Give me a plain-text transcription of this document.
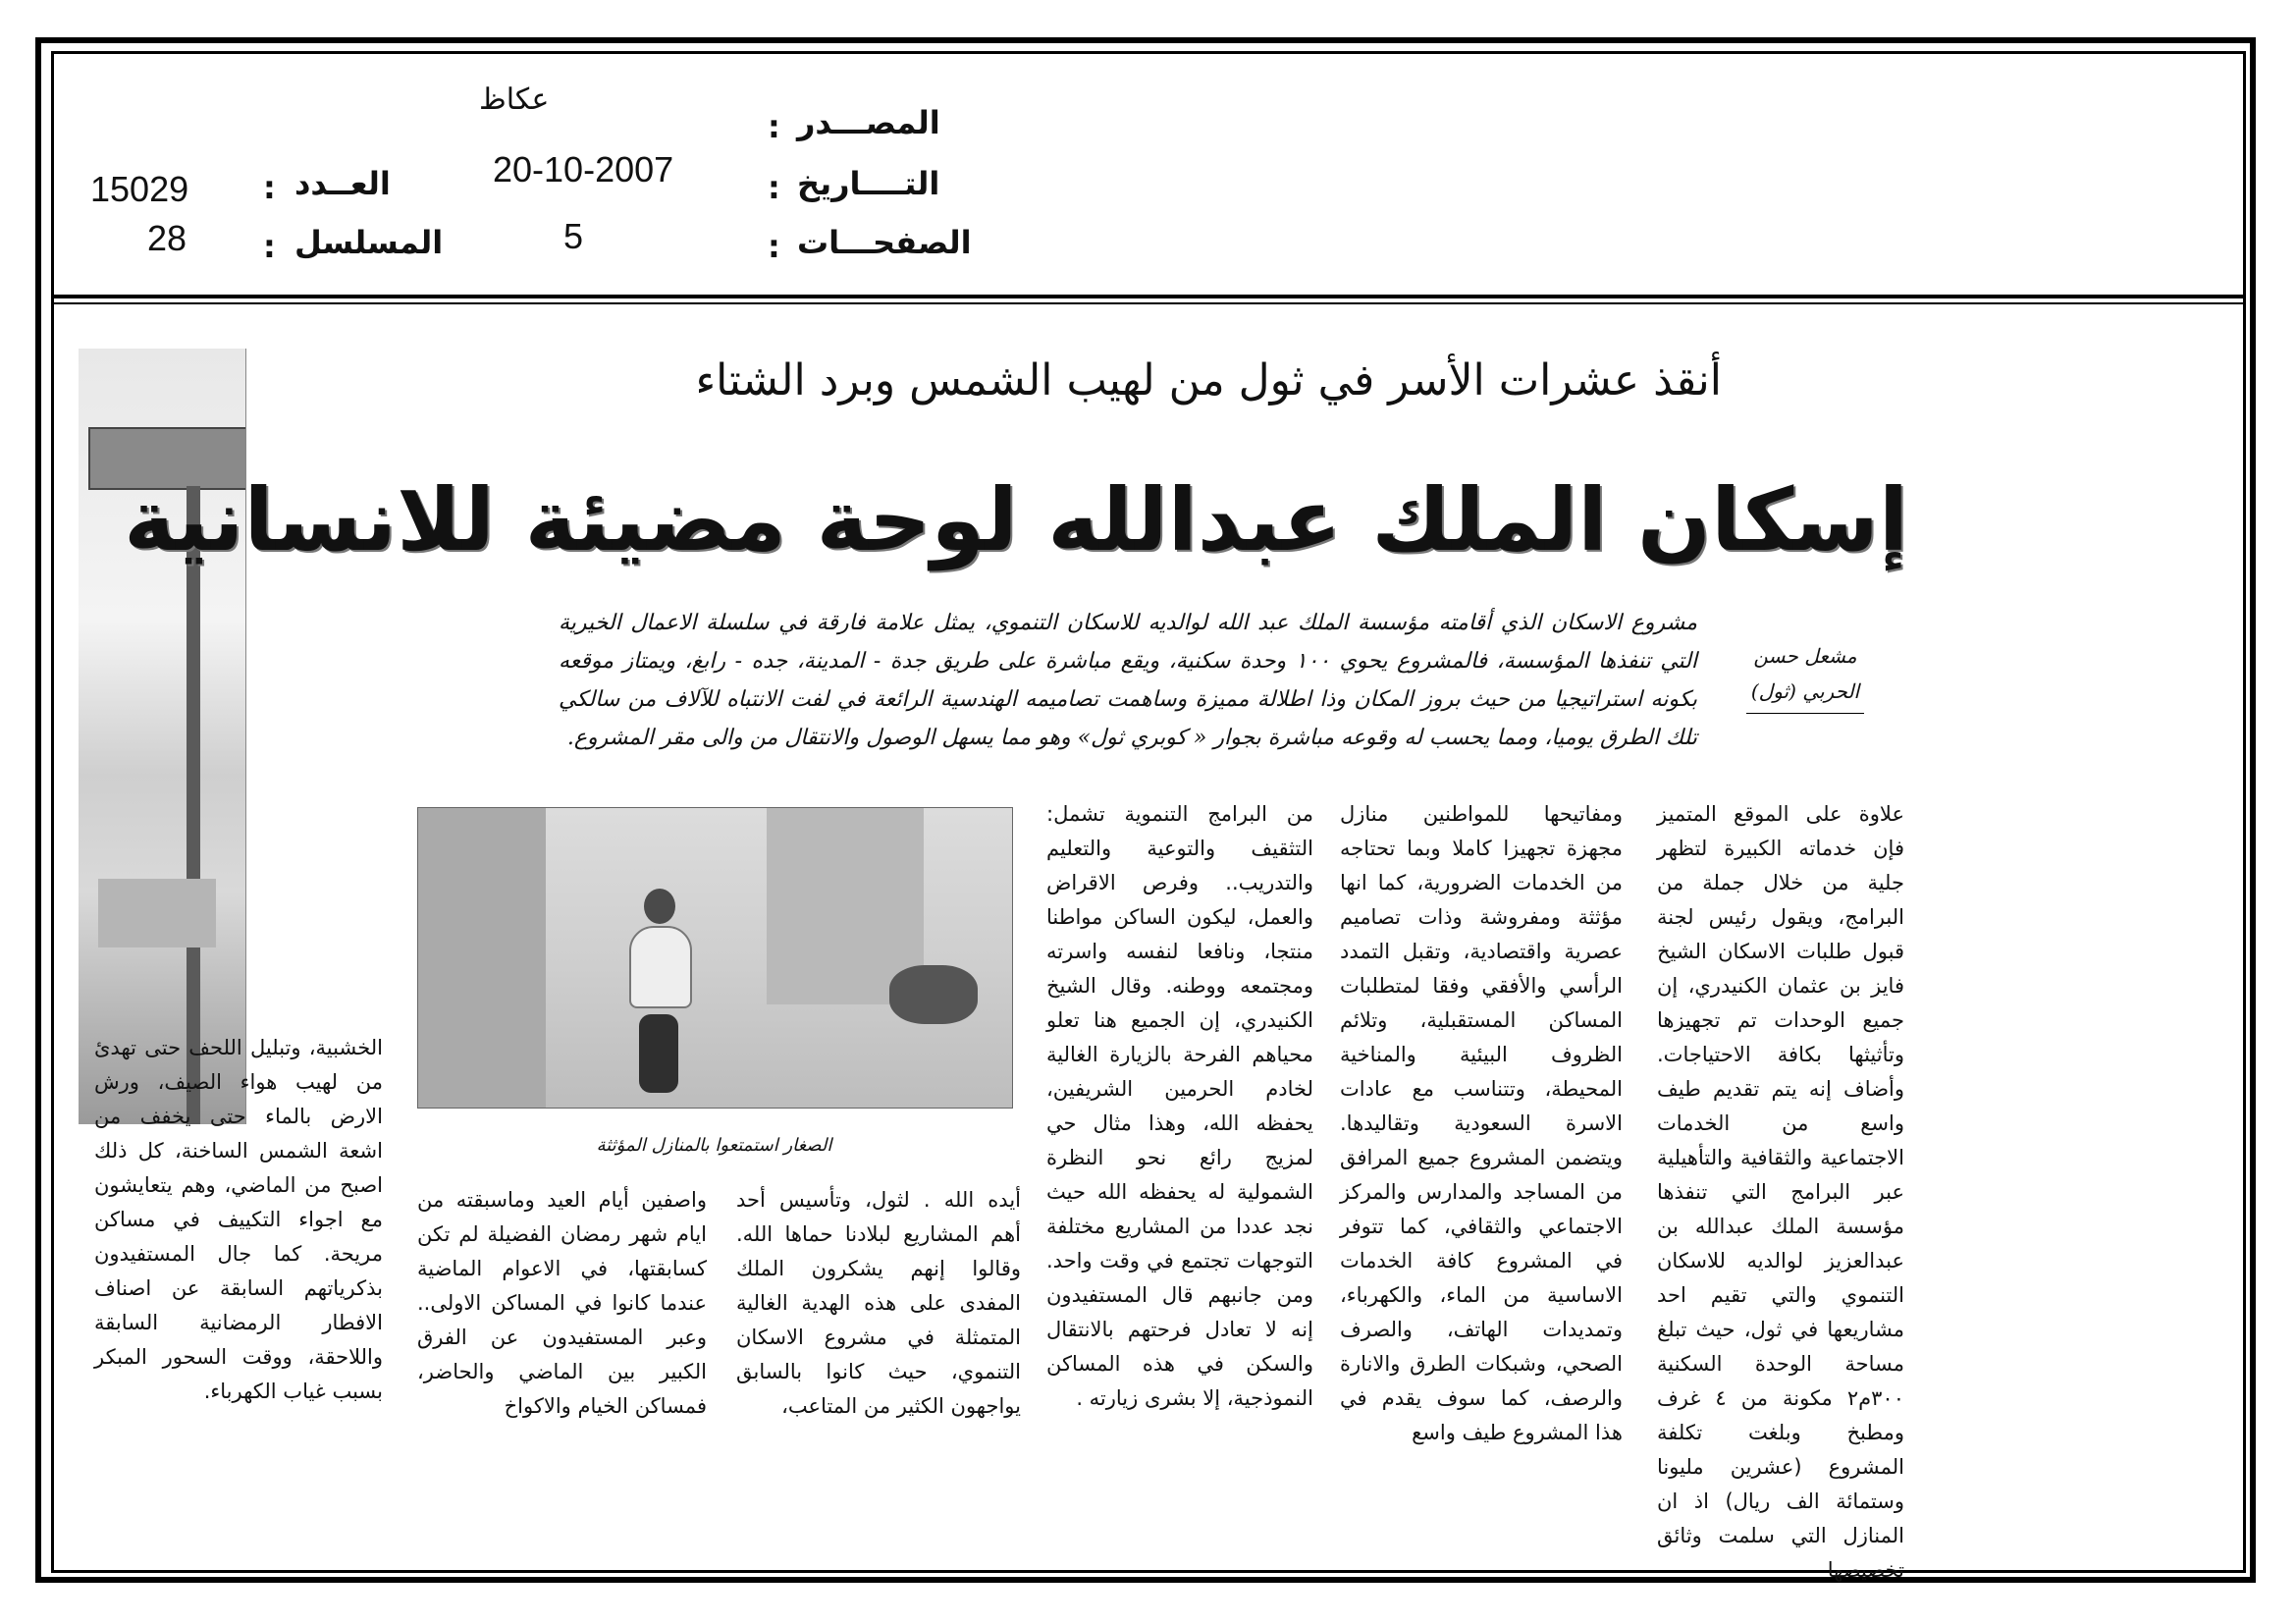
عكاظ
: المصـــدر
20-10-2007	: التــــاريخ
5	: الصفحـــات
15029 : العــدد
28 : المسلسل
أنقذ عشرات الأسر في ثول من لهيب الشمس وبرد الشتاء
إسكان الملك عبدالله لوحة مضيئة للانسانية
مشعل حسن
الحربي (ثول)
مشروع الاسكان الذي أقامته مؤسسة الملك عبد الله لوالديه للاسكان التنموي، يمثل علامة فارقة في سلسلة الاعمال الخيرية التي تنفذها المؤسسة، فالمشروع يحوي ١٠٠ وحدة سكنية، ويقع مباشرة على طريق جدة - المدينة، جده - رابغ، ويمتاز موقعه بكونه استراتيجيا من حيث بروز المكان وذا اطلالة مميزة وساهمت تصاميمه الهندسية الرائعة في لفت الانتباه للآلاف من سالكي تلك الطرق يوميا، ومما يحسب له وقوعه مباشرة بجوار « كوبري ثول» وهو مما يسهل الوصول والانتقال من والى مقر المشروع.

علاوة على الموقع المتميز فإن خدماته الكبيرة لتظهر جلية من خلال جملة من البرامج، ويقول رئيس لجنة قبول طلبات الاسكان الشيخ فايز بن عثمان الكنيدري، إن جميع الوحدات تم تجهيزها وتأثيثها بكافة الاحتياجات. وأضاف إنه يتم تقديم طيف واسع من الخدمات الاجتماعية والثقافية والتأهيلية عبر البرامج التي تنفذها مؤسسة الملك عبدالله بن عبدالعزيز لوالديه للاسكان التنموي والتي تقيم احد مشاريعها في ثول، حيث تبلغ مساحة الوحدة السكنية ٣٠٠م٢ مكونة من ٤ غرف ومطبخ وبلغت تكلفة المشروع (عشرين مليونا وستمائة الف ريال) اذ ان المنازل التي سلمت وثائق تخصيصها

ومفاتيحها للمواطنين منازل مجهزة تجهيزا كاملا وبما تحتاجه من الخدمات الضرورية، كما انها مؤثثة ومفروشة وذات تصاميم عصرية واقتصادية، وتقبل التمدد الرأسي والأفقي وفقا لمتطلبات المساكن المستقبلية، وتلائم الظروف البيئية والمناخية المحيطة، وتتناسب مع عادات الاسرة السعودية وتقاليدها. ويتضمن المشروع جميع المرافق من المساجد والمدارس والمركز الاجتماعي والثقافي، كما تتوفر في المشروع كافة الخدمات الاساسية من الماء، والكهرباء، وتمديدات الهاتف، والصرف الصحي، وشبكات الطرق والانارة والرصف، كما سوف يقدم في هذا المشروع طيف واسع

من البرامج التنموية تشمل: التثقيف والتوعية والتعليم والتدريب.. وفرص الاقراض والعمل، ليكون الساكن مواطنا منتجا، ونافعا لنفسه واسرته ومجتمعه ووطنه. وقال الشيخ الكنيدري، إن الجميع هنا تعلو محياهم الفرحة بالزيارة الغالية لخادم الحرمين الشريفين، يحفظه الله، وهذا مثال حي لمزيج رائع نحو النظرة الشمولية له يحفظه الله حيث نجد عددا من المشاريع مختلفة التوجهات تجتمع في وقت واحد. ومن جانبهم قال المستفيدون إنه لا تعادل فرحتهم بالانتقال والسكن في هذه المساكن النموذجية، إلا بشرى زيارته .

أيده الله . لثول، وتأسيس أحد أهم المشاريع لبلادنا حماها الله. وقالوا إنهم يشكرون الملك المفدى على هذه الهدية الغالية المتمثلة في مشروع الاسكان التنموي، حيث كانوا بالسابق يواجهون الكثير من المتاعب،

واصفين أيام العيد وماسبقته من ايام شهر رمضان الفضيلة لم تكن كسابقتها، في الاعوام الماضية عندما كانوا في المساكن الاولى.. وعبر المستفيدون عن الفرق الكبير بين الماضي والحاضر، فمساكن الخيام والاكواخ

الخشبية، وتبليل اللحف حتى تهدئ من لهيب هواء الصيف، ورش الارض بالماء حتى يخفف من اشعة الشمس الساخنة، كل ذلك اصبح من الماضي، وهم يتعايشون مع اجواء التكييف في مساكن مريحة. كما جال المستفيدون بذكرياتهم السابقة عن اصناف الافطار الرمضانية السابقة واللاحقة، ووقت السحور المبكر بسبب غياب الكهرباء.

الصغار استمتعوا بالمنازل المؤثثة
